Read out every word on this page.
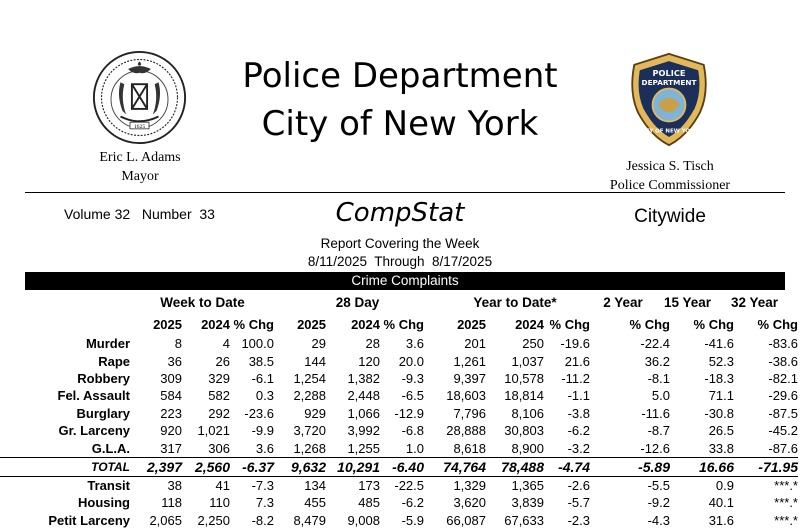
1625
POLICE
DEPARTMENT
CITY OF NEW YORK
Police Department
City of New York
Eric L. Adams
Mayor
Jessica S. Tisch
Police Commissioner
Volume 32   Number  33	CompStat	Citywide
Report Covering the Week
8/11/2025  Through  8/17/2025
Crime Complaints
Week to Date	28 Day	Year to Date*	2 Year	15 Year	32 Year
	2025	2024	% Chg	2025	2024	% Chg	2025	2024	% Chg	% Chg	% Chg	% Chg
Murder	8	4	100.0	29	28	3.6	201	250	-19.6	-22.4	-41.6	-83.6
Rape	36	26	38.5	144	120	20.0	1,261	1,037	21.6	36.2	52.3	-38.6
Robbery	309	329	-6.1	1,254	1,382	-9.3	9,397	10,578	-11.2	-8.1	-18.3	-82.1
Fel. Assault	584	582	0.3	2,288	2,448	-6.5	18,603	18,814	-1.1	5.0	71.1	-29.6
Burglary	223	292	-23.6	929	1,066	-12.9	7,796	8,106	-3.8	-11.6	-30.8	-87.5
Gr. Larceny	920	1,021	-9.9	3,720	3,992	-6.8	28,888	30,803	-6.2	-8.7	26.5	-45.2
G.L.A.	317	306	3.6	1,268	1,255	1.0	8,618	8,900	-3.2	-12.6	33.8	-87.6
TOTAL	2,397	2,560	-6.37	9,632	10,291	-6.40	74,764	78,488	-4.74	-5.89	16.66	-71.95
Transit	38	41	-7.3	134	173	-22.5	1,329	1,365	-2.6	-5.5	0.9	***.*
Housing	118	110	7.3	455	485	-6.2	3,620	3,839	-5.7	-9.2	40.1	***.*
Petit Larceny	2,065	2,250	-8.2	8,479	9,008	-5.9	66,087	67,633	-2.3	-4.3	31.6	***.*
